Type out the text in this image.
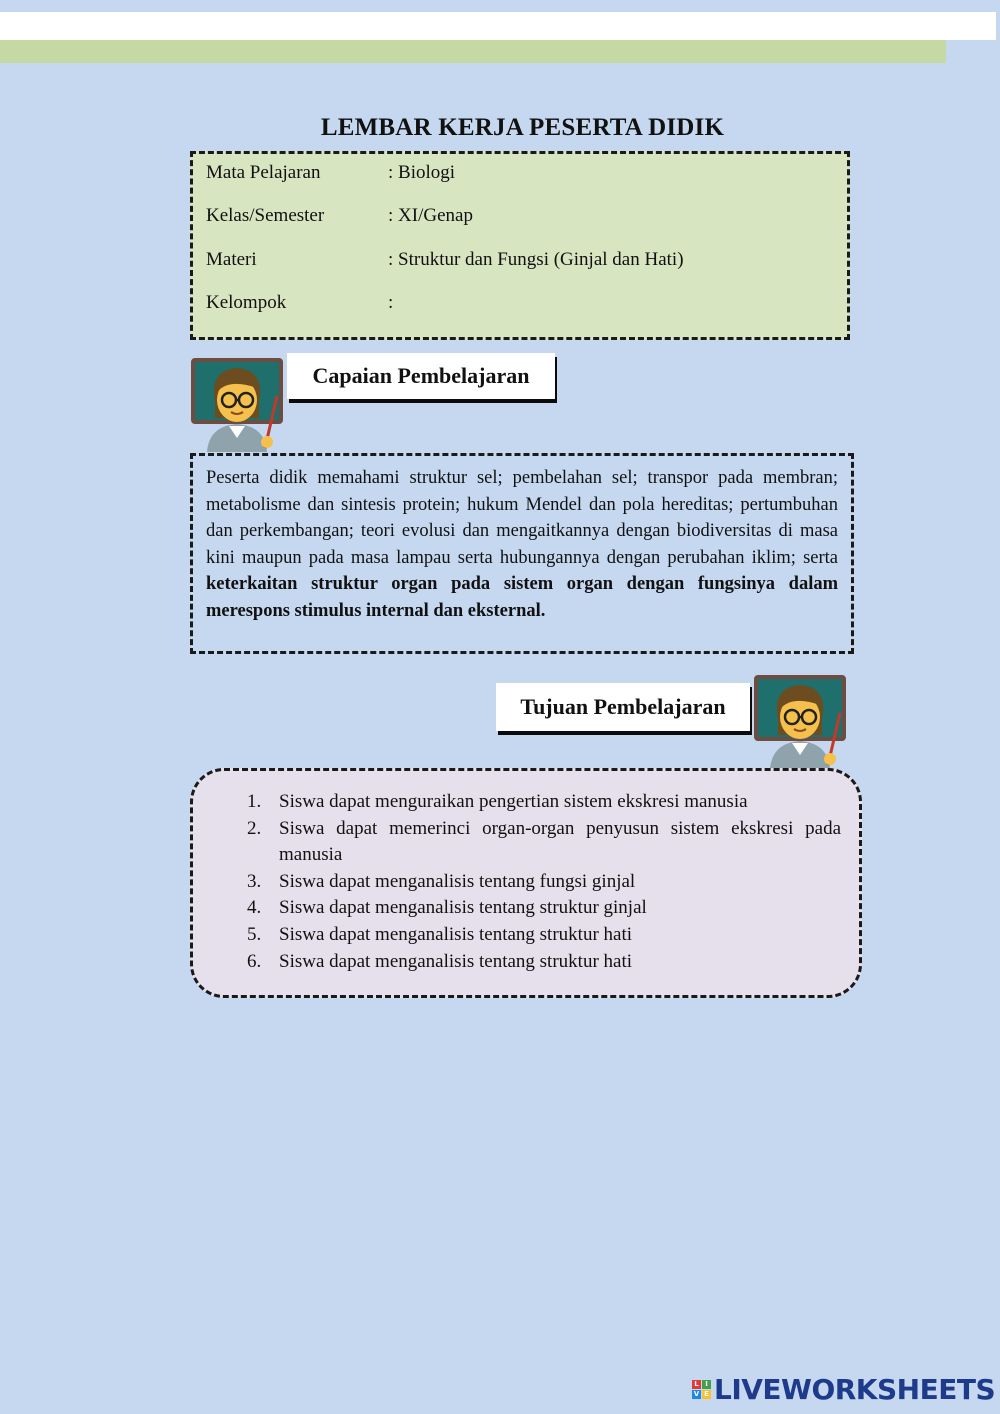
LEMBAR KERJA PESERTA DIDIK
Mata Pelajaran	: Biologi
Kelas/Semester	: XI/Genap
Materi	: Struktur dan Fungsi (Ginjal dan Hati)
Kelompok	:
Capaian Pembelajaran
Peserta didik memahami struktur sel; pembelahan sel; transpor pada membran; metabolisme dan sintesis protein; hukum Mendel dan pola hereditas; pertumbuhan dan perkembangan; teori evolusi dan mengaitkannya dengan biodiversitas di masa kini maupun pada masa lampau serta hubungannya dengan perubahan iklim; serta keterkaitan struktur organ pada sistem organ dengan fungsinya dalam merespons stimulus internal dan eksternal.
Tujuan Pembelajaran
1. Siswa dapat menguraikan pengertian sistem ekskresi manusia
2. Siswa dapat memerinci organ-organ penyusun sistem ekskresi pada manusia
3. Siswa dapat menganalisis tentang fungsi ginjal
4. Siswa dapat menganalisis tentang struktur ginjal
5. Siswa dapat menganalisis tentang struktur hati
6. Siswa dapat menganalisis tentang struktur hati
L I
V E LIVEWORKSHEETS
